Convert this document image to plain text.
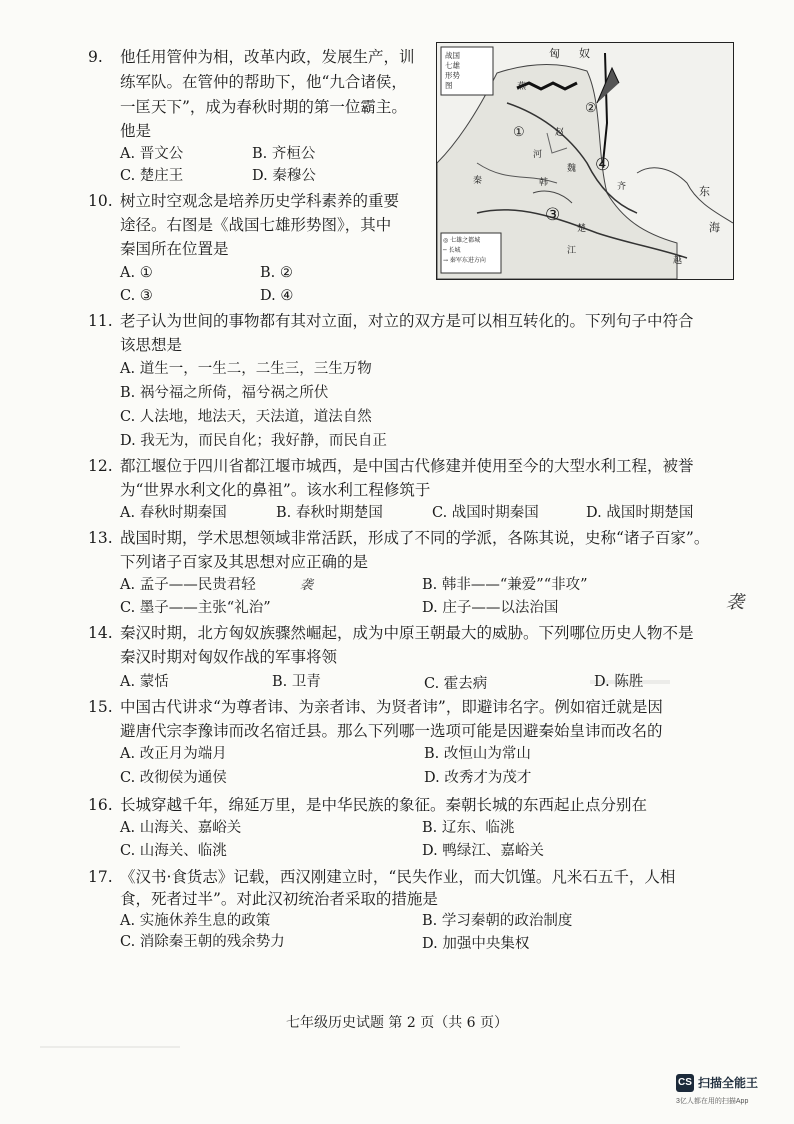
9. 他任用管仲为相，改革内政，发展生产，训
练军队。在管仲的帮助下，他“九合诸侯，
一匡天下”，成为春秋时期的第一位霸主。
他是
A. 晋文公	B. 齐桓公
C. 楚庄王	D. 秦穆公
10. 树立时空观念是培养历史学科素养的重要
途径。右图是《战国七雄形势图》，其中
秦国所在位置是
A. ①	B. ②
C. ③	D. ④
战国
七雄
形势
图
◎ 七雄之都城
─ 长城
→ 秦军东进方向
匈 奴
燕
秦
赵
韩
魏
齐
楚
东
海
江
河
越
①
②
③
④
11. 老子认为世间的事物都有其对立面，对立的双方是可以相互转化的。下列句子中符合
该思想是
A. 道生一，一生二，二生三，三生万物
B. 祸兮福之所倚，福兮祸之所伏
C. 人法地，地法天，天法道，道法自然
D. 我无为，而民自化；我好静，而民自正
12. 都江堰位于四川省都江堰市城西，是中国古代修建并使用至今的大型水利工程，被誉
为“世界水利文化的鼻祖”。该水利工程修筑于
A. 春秋时期秦国	B. 春秋时期楚国	C. 战国时期秦国	D. 战国时期楚国
13. 战国时期，学术思想领域非常活跃，形成了不同的学派，各陈其说，史称“诸子百家”。
下列诸子百家及其思想对应正确的是
A. 孟子——民贵君轻	B. 韩非——“兼爱”“非攻”
C. 墨子——主张“礼治”	D. 庄子——以法治国
袭
袭
14. 秦汉时期，北方匈奴族骤然崛起，成为中原王朝最大的威胁。下列哪位历史人物不是
秦汉时期对匈奴作战的军事将领
A. 蒙恬	B. 卫青	C. 霍去病	D. 陈胜
15. 中国古代讲求“为尊者讳、为亲者讳、为贤者讳”，即避讳名字。例如宿迁就是因
避唐代宗李豫讳而改名宿迁县。那么下列哪一选项可能是因避秦始皇讳而改名的
A. 改正月为端月	B. 改恒山为常山
C. 改彻侯为通侯	D. 改秀才为茂才
16. 长城穿越千年，绵延万里，是中华民族的象征。秦朝长城的东西起止点分别在
A. 山海关、嘉峪关	B. 辽东、临洮
C. 山海关、临洮	D. 鸭绿江、嘉峪关
17. 《汉书·食货志》记载，西汉刚建立时，“民失作业，而大饥馑。凡米石五千，人相
食，死者过半”。对此汉初统治者采取的措施是
A. 实施休养生息的政策	B. 学习秦朝的政治制度
C. 消除秦王朝的残余势力	D. 加强中央集权
七年级历史试题 第 2 页（共 6 页）
CS 扫描全能王
3亿人都在用的扫描App
